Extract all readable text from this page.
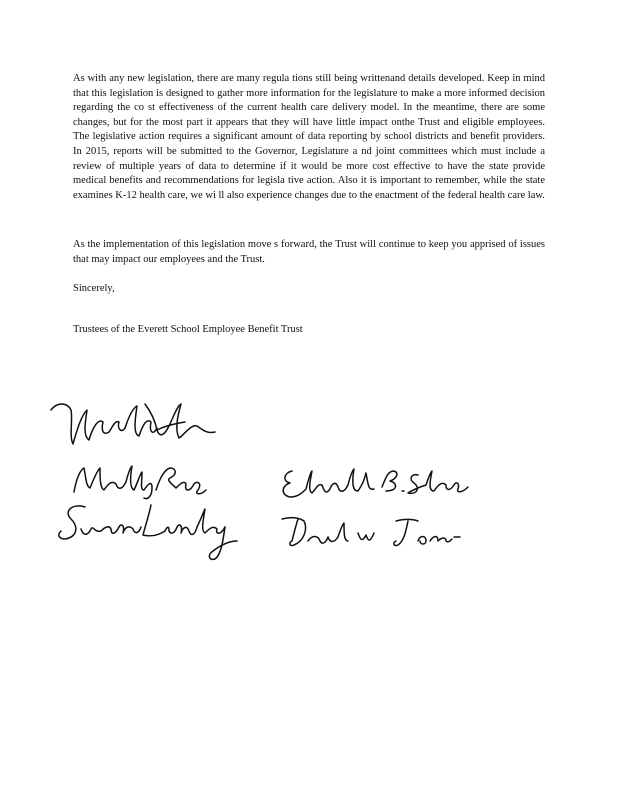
As with any new legislation, there are many regula tions still being writtenand details developed. Keep in mind that this legislation is designed to gather more information for the legislature to make a more informed decision regarding the co st effectiveness of the current health care delivery model. In the meantime, there are some changes, but for the most part it appears that they will have little impact onthe Trust and eligible employees. The legislative action requires a significant amount of data reporting by school districts and benefit providers. In 2015, reports will be submitted to the Governor, Legislature a nd joint committees which must include a review of multiple years of data to determine if it would be more cost effective to have the state provide medical benefits and recommendations for legisla tive action. Also it is important to remember, while the state examines K-12 health care, we wi ll also experience changes due to the enactment of the federal health care law.

As the implementation of this legislation move s forward, the Trust will continue to keep you apprised of issues that may impact our employees and the Trust.

Sincerely,

Trustees of the Everett School Employee Benefit Trust
